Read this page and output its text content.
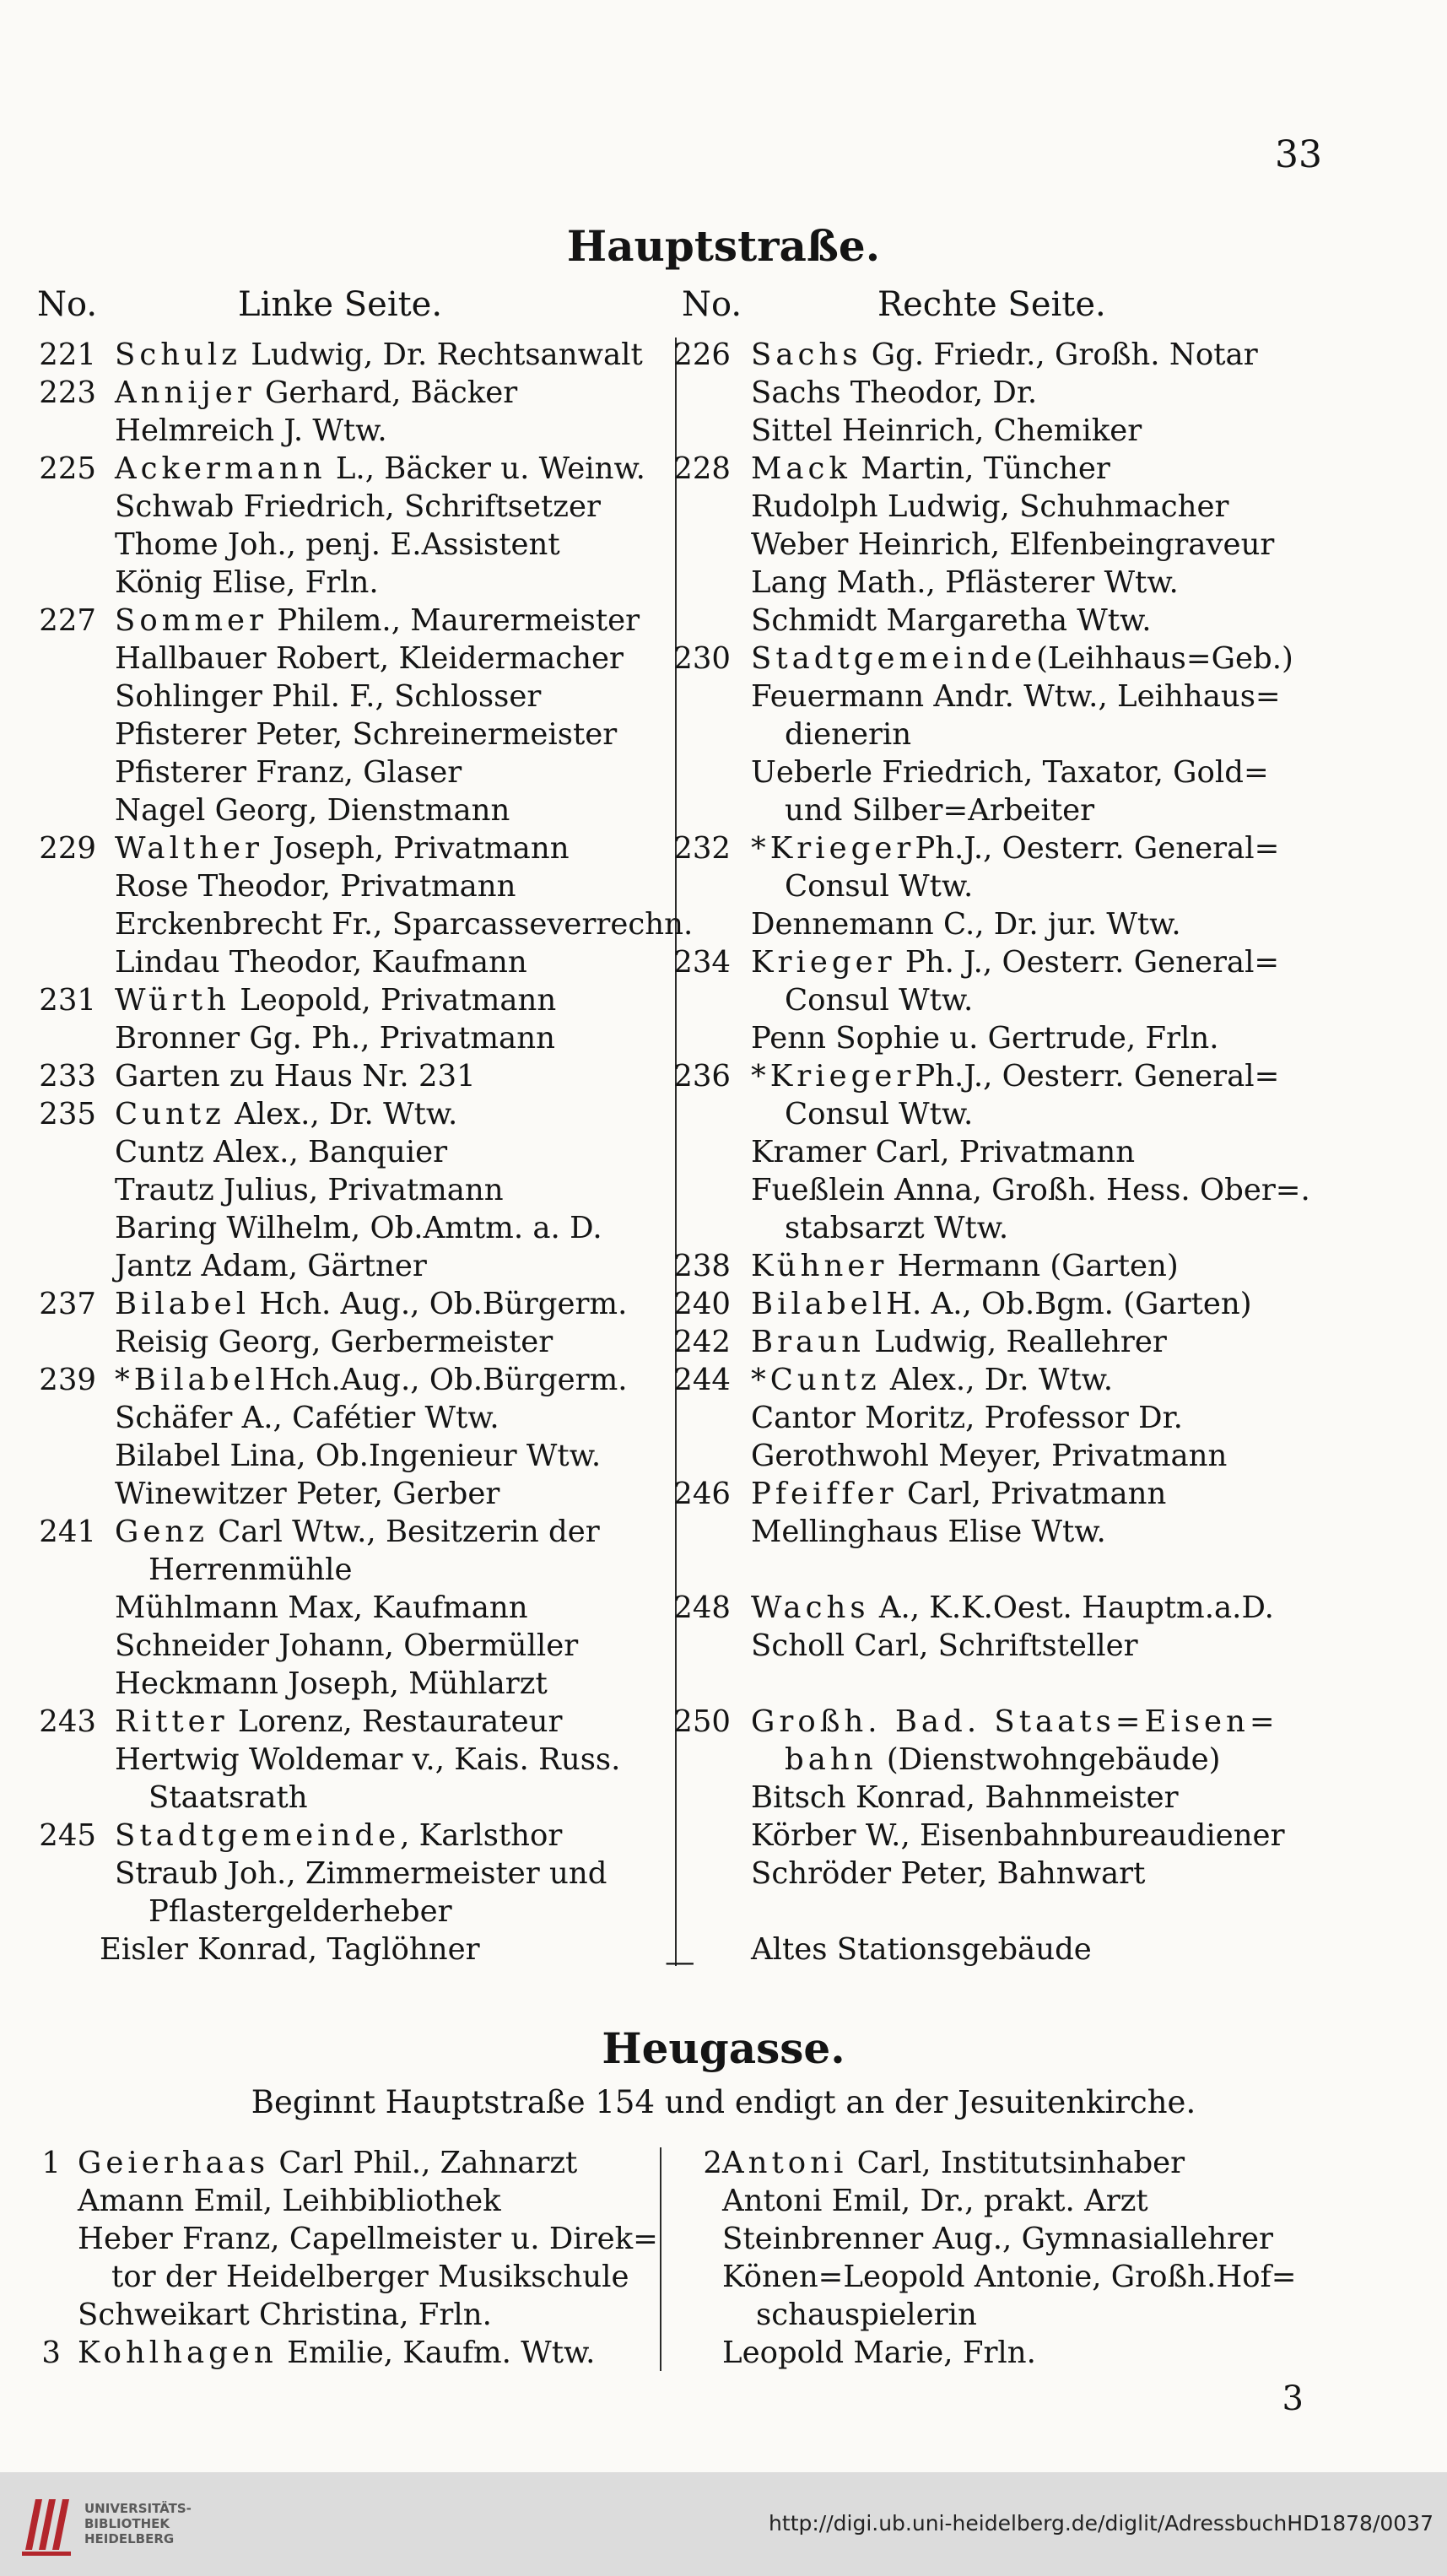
33
Hauptstraße.
No.	Linke Seite.	No.	Rechte Seite.
221 Schulz Ludwig, Dr. Rechtsanwalt
223 Annijer Gerhard, Bäcker
Helmreich J. Wtw.
225 Ackermann L., Bäcker u. Weinw.
Schwab Friedrich, Schriftsetzer
Thome Joh., penj. E.Assistent
König Elise, Frln.
227 Sommer Philem., Maurermeister
Hallbauer Robert, Kleidermacher
Sohlinger Phil. F., Schlosser
Pfisterer Peter, Schreinermeister
Pfisterer Franz, Glaser
Nagel Georg, Dienstmann
229 Walther Joseph, Privatmann
Rose Theodor, Privatmann
Erckenbrecht Fr., Sparcasseverrechn.
Lindau Theodor, Kaufmann
231 Würth Leopold, Privatmann
Bronner Gg. Ph., Privatmann
233 Garten zu Haus Nr. 231
235 Cuntz Alex., Dr. Wtw.
Cuntz Alex., Banquier
Trautz Julius, Privatmann
Baring Wilhelm, Ob.Amtm. a. D.
Jantz Adam, Gärtner
237 Bilabel Hch. Aug., Ob.Bürgerm.
Reisig Georg, Gerbermeister
239 *BilabelHch.Aug., Ob.Bürgerm.
Schäfer A., Cafétier Wtw.
Bilabel Lina, Ob.Ingenieur Wtw.
Winewitzer Peter, Gerber
241 Genz Carl Wtw., Besitzerin der
Herrenmühle
Mühlmann Max, Kaufmann
Schneider Johann, Obermüller
Heckmann Joseph, Mühlarzt
243 Ritter Lorenz, Restaurateur
Hertwig Woldemar v., Kais. Russ.
Staatsrath
245 Stadtgemeinde, Karlsthor
Straub Joh., Zimmermeister und
Pflastergelderheber
Eisler Konrad, Taglöhner
226 Sachs Gg. Friedr., Großh. Notar
Sachs Theodor, Dr.
Sittel Heinrich, Chemiker
228 Mack Martin, Tüncher
Rudolph Ludwig, Schuhmacher
Weber Heinrich, Elfenbeingraveur
Lang Math., Pflästerer Wtw.
Schmidt Margaretha Wtw.
230 Stadtgemeinde(Leihhaus=Geb.)
Feuermann Andr. Wtw., Leihhaus=
dienerin
Ueberle Friedrich, Taxator, Gold=
und Silber=Arbeiter
232 *KriegerPh.J., Oesterr. General=
Consul Wtw.
Dennemann C., Dr. jur. Wtw.
234 Krieger Ph. J., Oesterr. General=
Consul Wtw.
Penn Sophie u. Gertrude, Frln.
236 *KriegerPh.J., Oesterr. General=
Consul Wtw.
Kramer Carl, Privatmann
Fueßlein Anna, Großh. Hess. Ober=.
stabsarzt Wtw.
238 Kühner Hermann (Garten)
240 BilabelH. A., Ob.Bgm. (Garten)
242 Braun Ludwig, Reallehrer
244 *Cuntz Alex., Dr. Wtw.
Cantor Moritz, Professor Dr.
Gerothwohl Meyer, Privatmann
246 Pfeiffer Carl, Privatmann
Mellinghaus Elise Wtw.
248 Wachs A., K.K.Oest. Hauptm.a.D.
Scholl Carl, Schriftsteller
250 Großh. Bad. Staats=Eisen=
bahn (Dienstwohngebäude)
Bitsch Konrad, Bahnmeister
Körber W., Eisenbahnbureaudiener
Schröder Peter, Bahnwart
Altes Stationsgebäude
—
Heugasse.
Beginnt Hauptstraße 154 und endigt an der Jesuitenkirche.
1 Geierhaas Carl Phil., Zahnarzt
Amann Emil, Leihbibliothek
Heber Franz, Capellmeister u. Direk=
tor der Heidelberger Musikschule
Schweikart Christina, Frln.
3 Kohlhagen Emilie, Kaufm. Wtw.
2 Antoni Carl, Institutsinhaber
Antoni Emil, Dr., prakt. Arzt
Steinbrenner Aug., Gymnasiallehrer
Könen=Leopold Antonie, Großh.Hof=
schauspielerin
Leopold Marie, Frln.
3
UNIVERSITÄTS-
BIBLIOTHEK
HEIDELBERG
http://digi.ub.uni-heidelberg.de/diglit/AdressbuchHD1878/0037
